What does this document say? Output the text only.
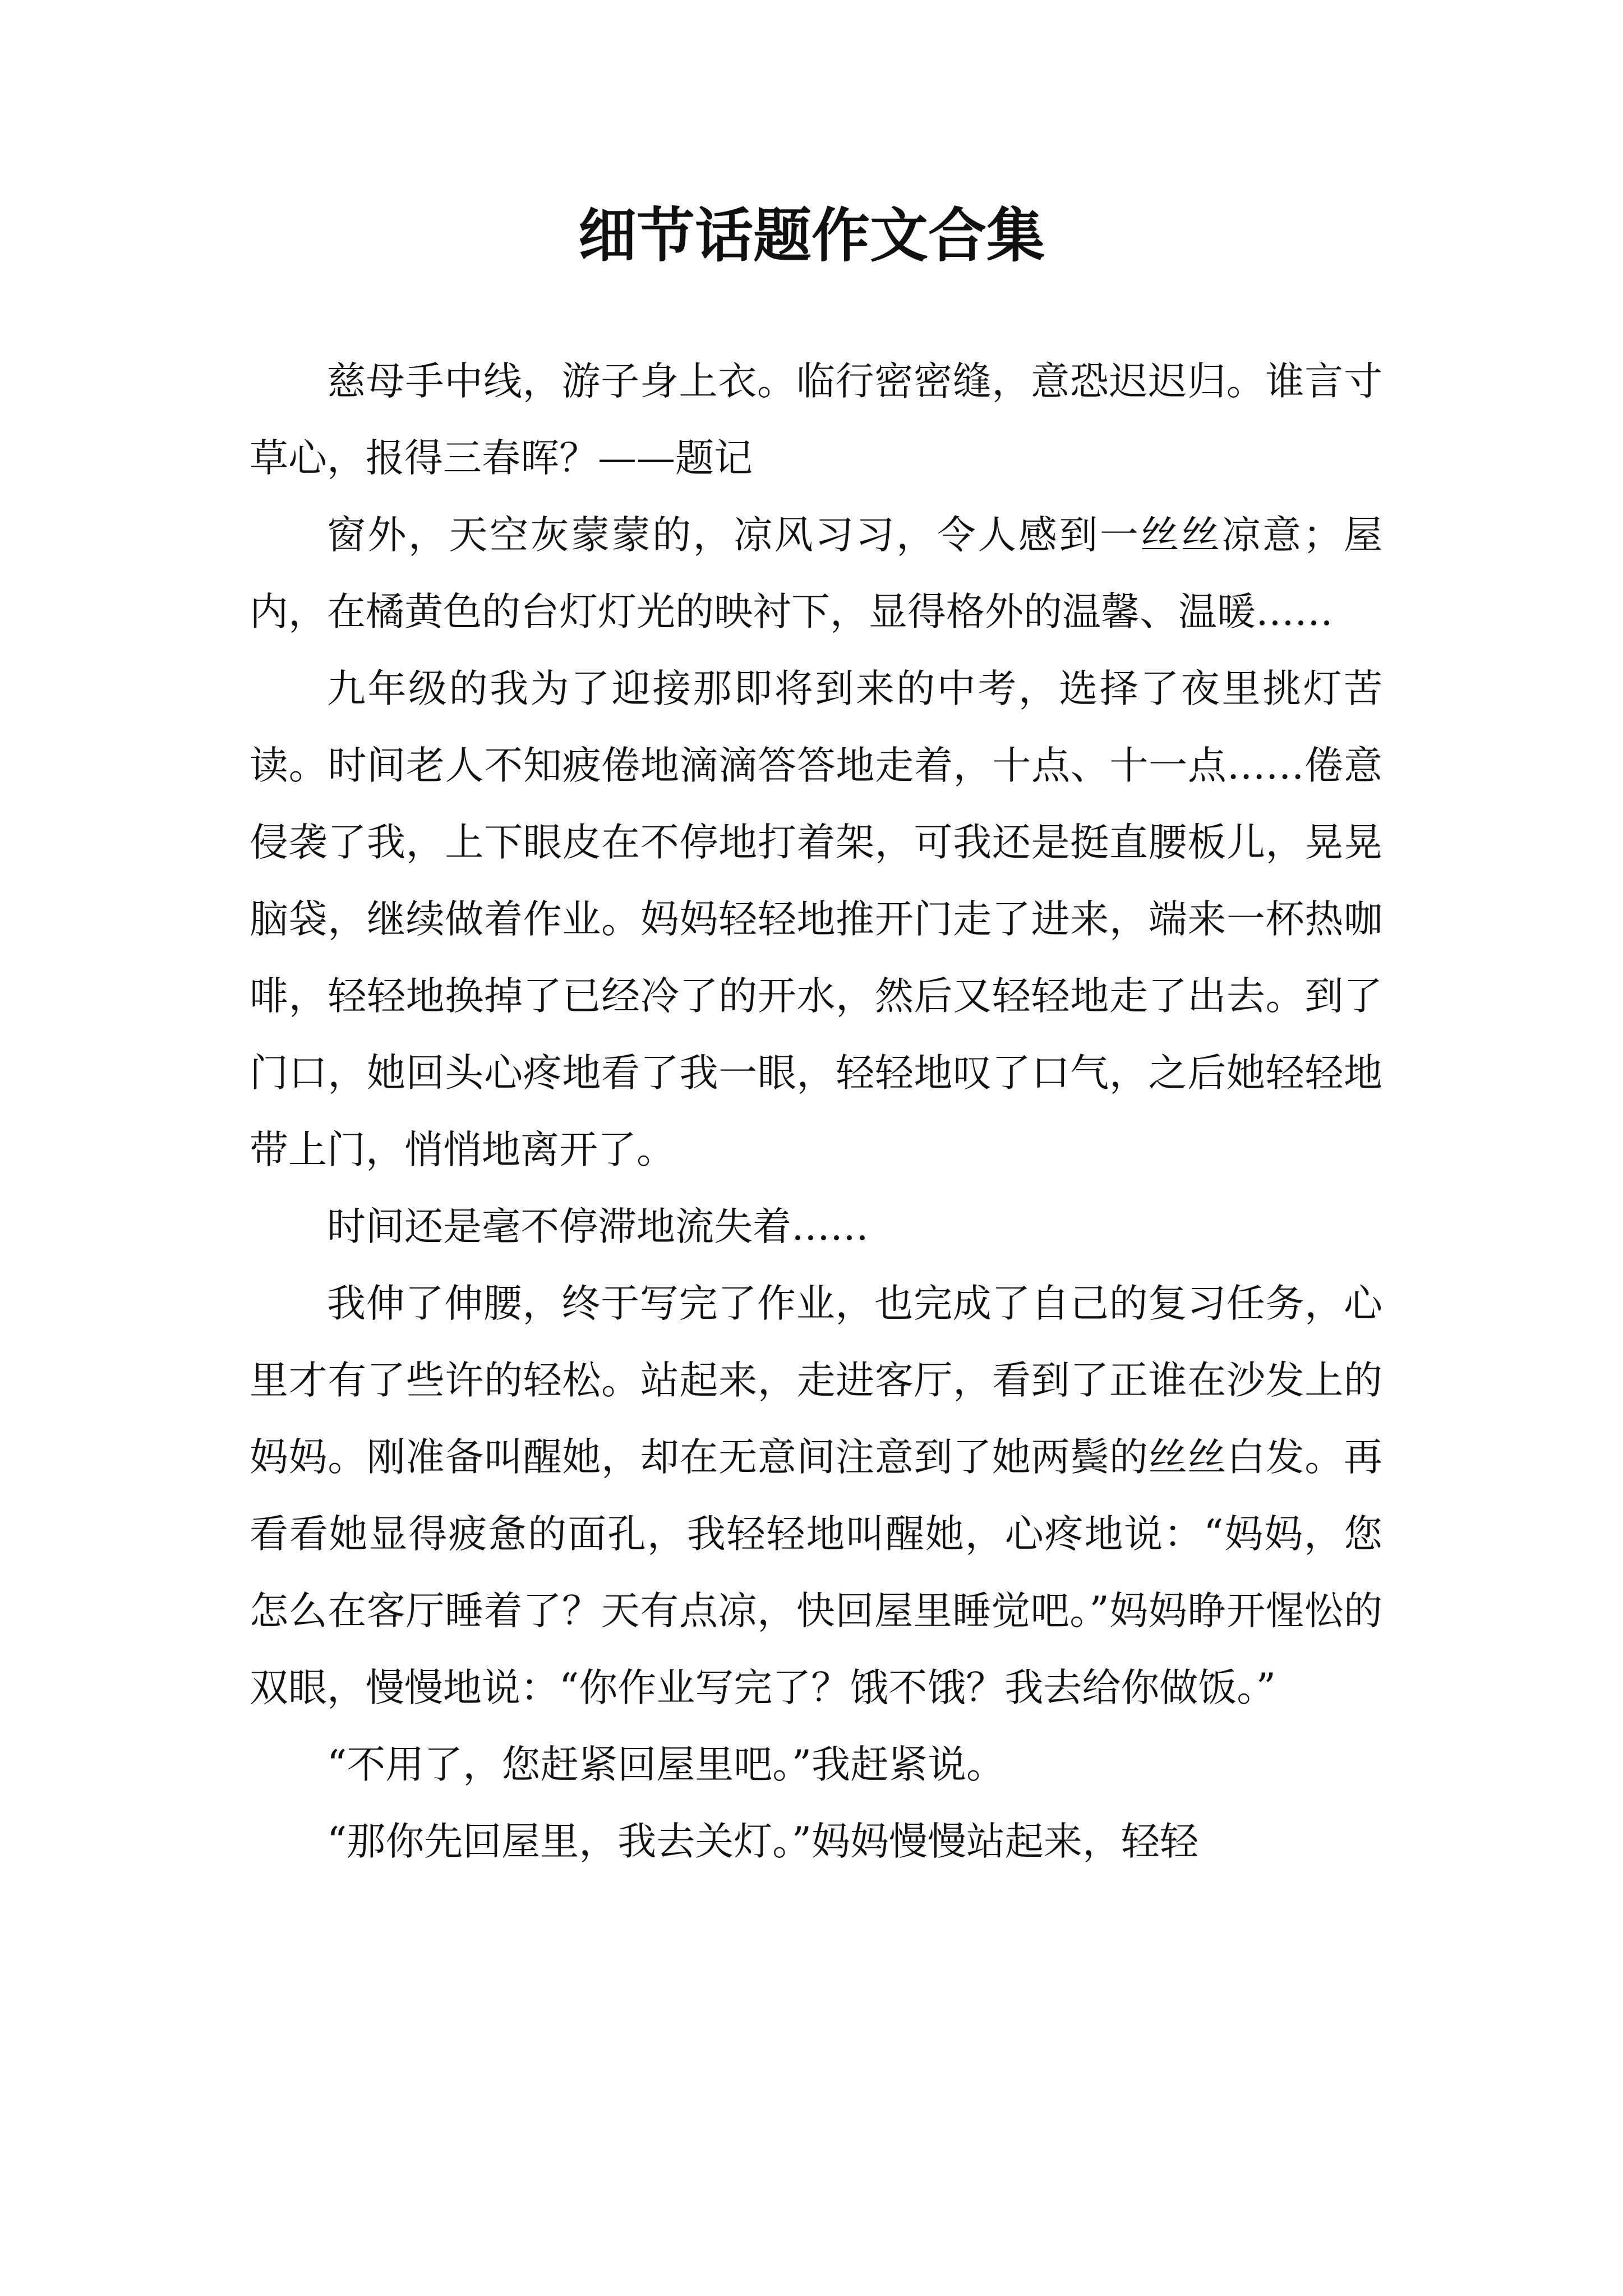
细节话题作文合集

慈母手中线，游子身上衣。临行密密缝，意恐迟迟归。谁言寸草心，报得三春晖？——题记

窗外，天空灰蒙蒙的，凉风习习，令人感到一丝丝凉意；屋内，在橘黄色的台灯灯光的映衬下，显得格外的温馨、温暖……

九年级的我为了迎接那即将到来的中考，选择了夜里挑灯苦读。时间老人不知疲倦地滴滴答答地走着，十点、十一点……倦意侵袭了我，上下眼皮在不停地打着架，可我还是挺直腰板儿，晃晃脑袋，继续做着作业。妈妈轻轻地推开门走了进来，端来一杯热咖啡，轻轻地换掉了已经冷了的开水，然后又轻轻地走了出去。到了门口，她回头心疼地看了我一眼，轻轻地叹了口气，之后她轻轻地带上门，悄悄地离开了。

时间还是毫不停滞地流失着……

我伸了伸腰，终于写完了作业，也完成了自己的复习任务，心里才有了些许的轻松。站起来，走进客厅，看到了正谁在沙发上的妈妈。刚准备叫醒她，却在无意间注意到了她两鬓的丝丝白发。再看看她显得疲惫的面孔，我轻轻地叫醒她，心疼地说：“妈妈，您怎么在客厅睡着了？天有点凉，快回屋里睡觉吧。”妈妈睁开惺忪的双眼，慢慢地说：“你作业写完了？饿不饿？我去给你做饭。”

“不用了，您赶紧回屋里吧。”我赶紧说。

“那你先回屋里，我去关灯。”妈妈慢慢站起来，轻轻
